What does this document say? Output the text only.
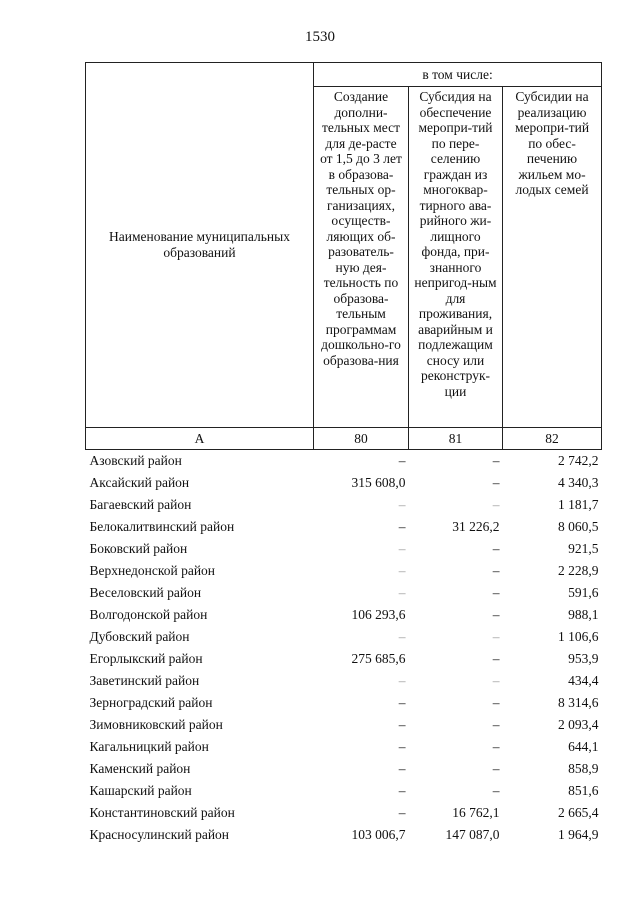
1530
Наименование муниципальных образований	в том числе:		
	Создание дополни-тельных мест для де-расте от 1,5 до 3 лет в образова-тельных ор-ганизациях, осуществ-ляющих об-разователь-ную дея-тельность по образова-тельным программам дошкольно-го образова-ния	Субсидия на обеспечение меропри-тий по пере-селению граждан из многоквар-тирного ава-рийного жи-лищного фонда, при-знанного непригод-ным для проживания, аварийным и подлежащим сносу или реконструк-ции	Субсидии на реализацию меропри-тий по обес-печению жильем мо-лодых семей
А	80	81	82
Азовский район	–	–	2 742,2
Аксайский район	315 608,0	–	4 340,3
Багаевский район	–	–	1 181,7
Белокалитвинский район	–	31 226,2	8 060,5
Боковский район	–	–	921,5
Верхнедонской район	–	–	2 228,9
Веселовский район	–	–	591,6
Волгодонской район	106 293,6	–	988,1
Дубовский район	–	–	1 106,6
Егорлыкский район	275 685,6	–	953,9
Заветинский район	–	–	434,4
Зерноградский район	–	–	8 314,6
Зимовниковский район	–	–	2 093,4
Кагальницкий район	–	–	644,1
Каменский район	–	–	858,9
Кашарский район	–	–	851,6
Константиновский район	–	16 762,1	2 665,4
Красносулинский район	103 006,7	147 087,0	1 964,9
